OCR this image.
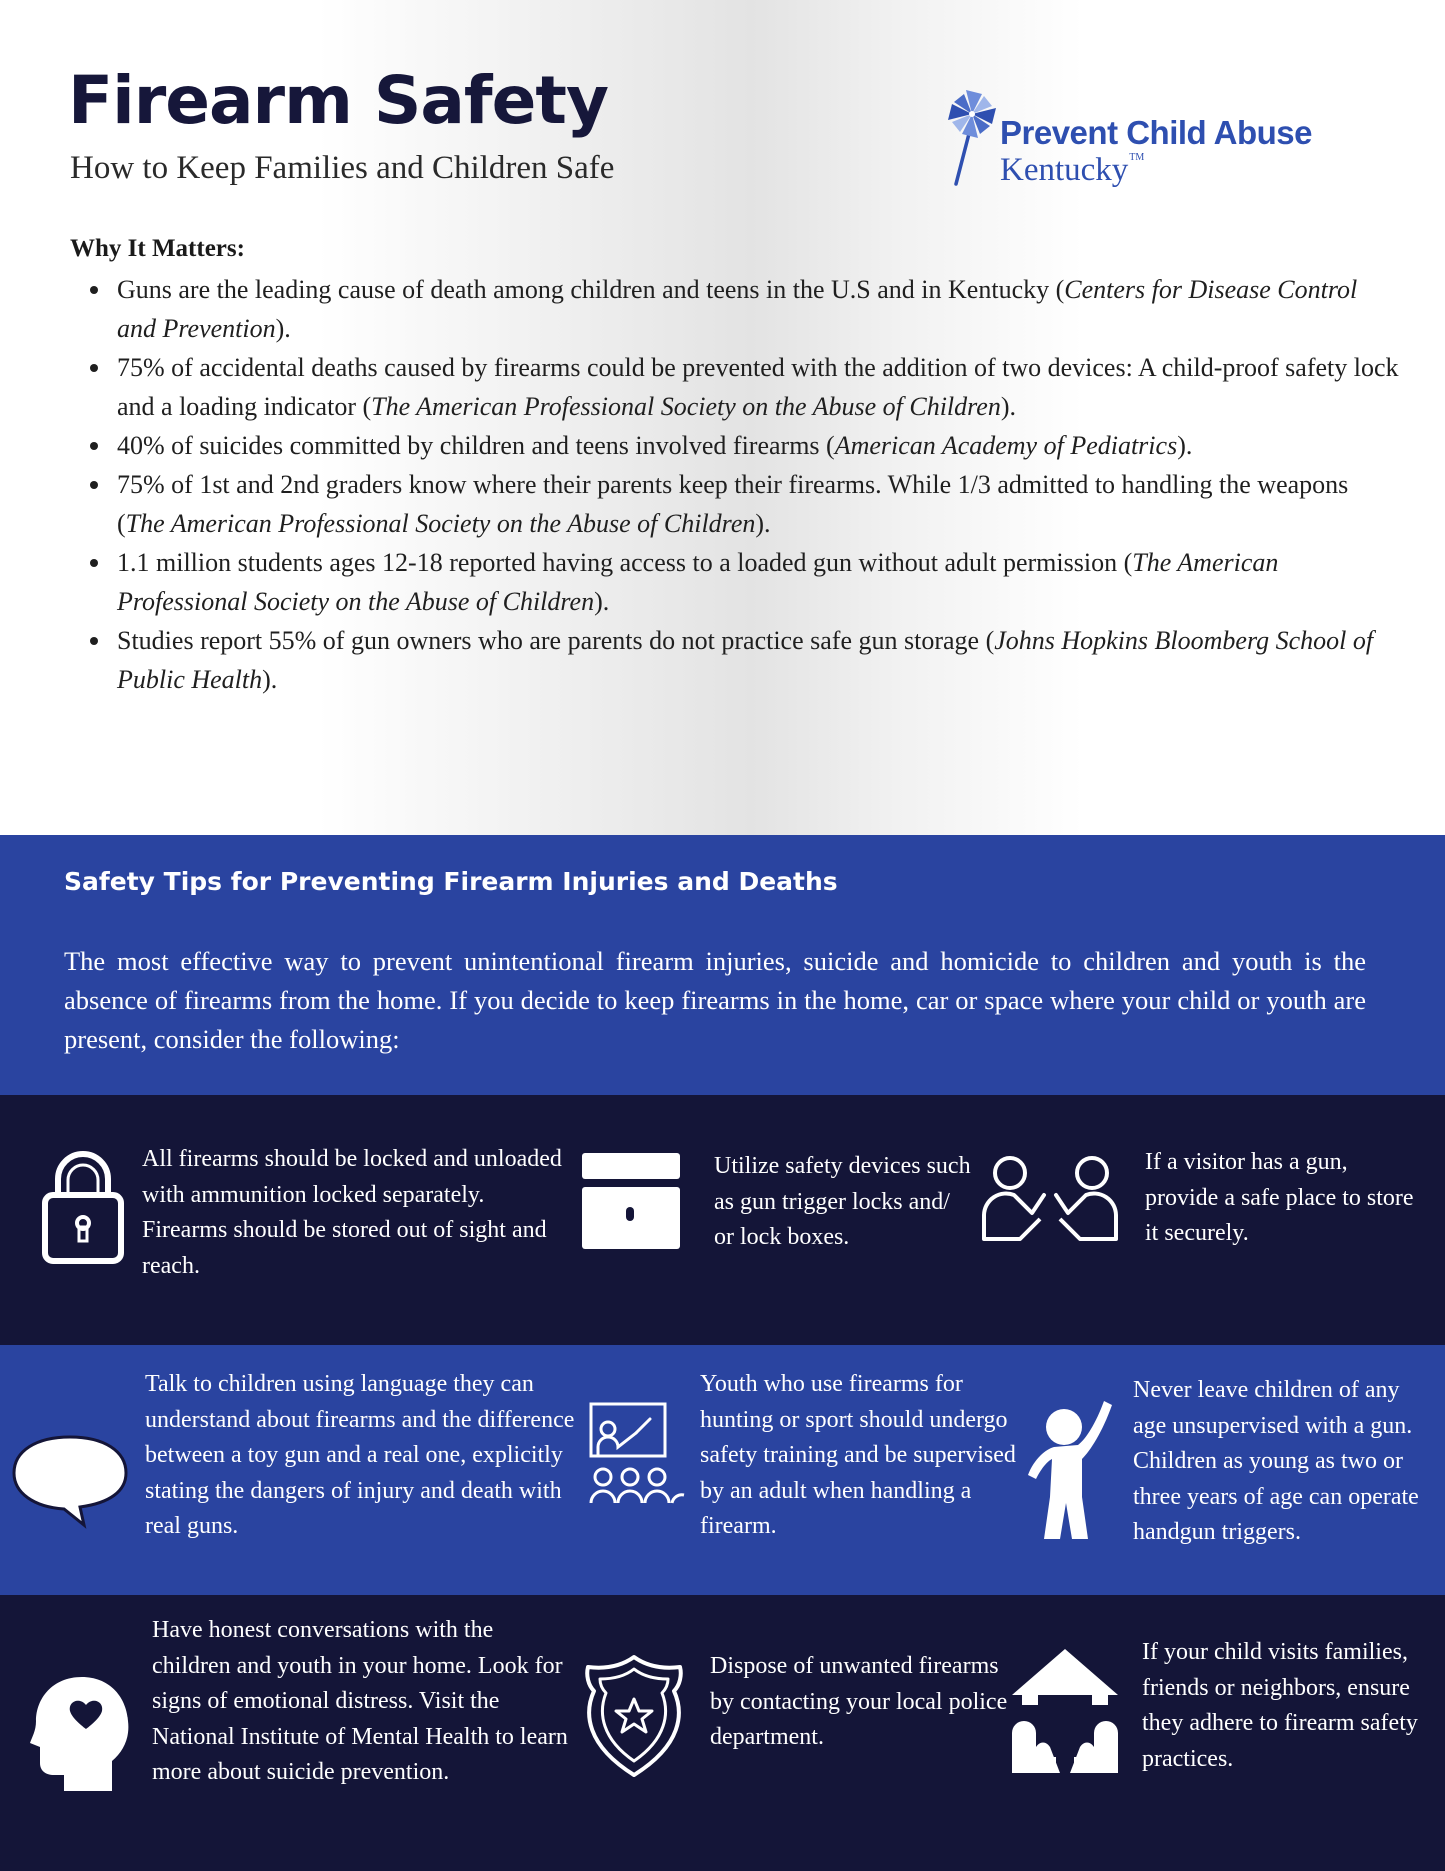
Firearm Safety
How to Keep Families and Children Safe
Prevent Child Abuse
Kentucky™
Why It Matters:
Guns are the leading cause of death among children and teens in the U.S and in Kentucky (Centers for Disease Control and Prevention).
75% of accidental deaths caused by firearms could be prevented with the addition of two devices: A child-proof safety lock and a loading indicator (The American Professional Society on the Abuse of Children).
40% of suicides committed by children and teens involved firearms (American Academy of Pediatrics).
75% of 1st and 2nd graders know where their parents keep their firearms. While 1/3 admitted to handling the weapons (The American Professional Society on the Abuse of Children).
1.1 million students ages 12-18 reported having access to a loaded gun without adult permission (The American Professional Society on the Abuse of Children).
Studies report 55% of gun owners who are parents do not practice safe gun storage (Johns Hopkins Bloomberg School of Public Health).
Safety Tips for Preventing Firearm Injuries and Deaths

The most effective way to prevent unintentional firearm injuries, suicide and homicide to children and youth is the absence of firearms from the home. If you decide to keep firearms in the home, car or space where your child or youth are present, consider the following:

All firearms should be locked and unloaded with ammunition locked separately. Firearms should be stored out of sight and reach.
Utilize safety devices such as gun trigger locks and/ or lock boxes.
If a visitor has a gun, provide a safe place to store it securely.
Talk to children using language they can understand about firearms and the difference between a toy gun and a real one, explicitly stating the dangers of injury and death with real guns.
Youth who use firearms for hunting or sport should undergo safety training and be supervised by an adult when handling a firearm.
Never leave children of any age unsupervised with a gun. Children as young as two or three years of age can operate handgun triggers.
Have honest conversations with the children and youth in your home. Look for signs of emotional distress. Visit the National Institute of Mental Health to learn more about suicide prevention.
Dispose of unwanted firearms by contacting your local police department.
If your child visits families, friends or neighbors, ensure they adhere to firearm safety practices.
